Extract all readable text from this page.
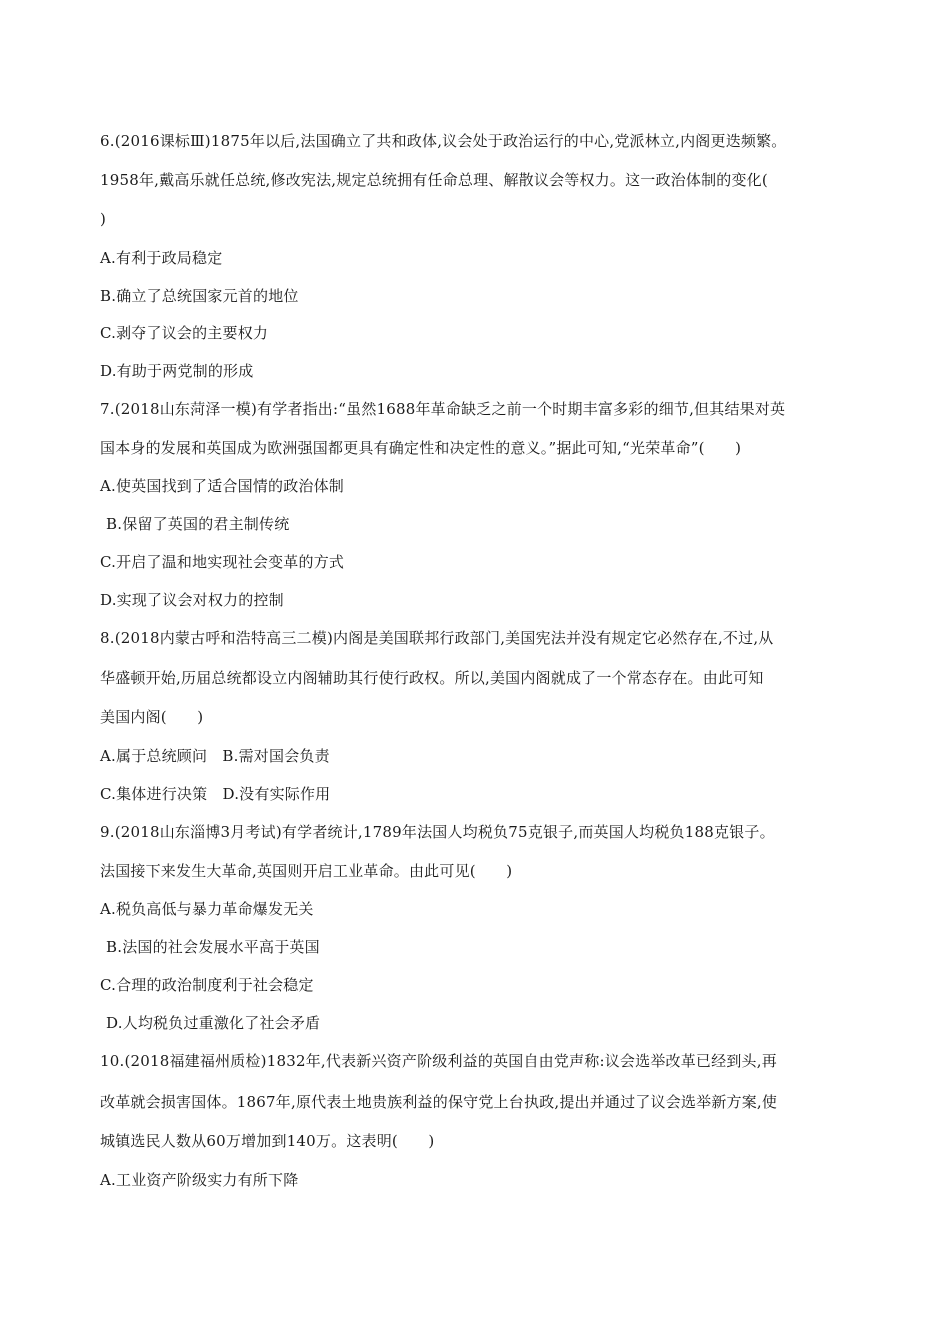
6.(2016课标Ⅲ)1875年以后,法国确立了共和政体,议会处于政治运行的中心,党派林立,内阁更迭频繁。
1958年,戴高乐就任总统,修改宪法,规定总统拥有任命总理、解散议会等权力。这一政治体制的变化(
)
A.有利于政局稳定
B.确立了总统国家元首的地位
C.剥夺了议会的主要权力
D.有助于两党制的形成
7.(2018山东菏泽一模)有学者指出:“虽然1688年革命缺乏之前一个时期丰富多彩的细节,但其结果对英
国本身的发展和英国成为欧洲强国都更具有确定性和决定性的意义。”据此可知,“光荣革命”(　　)
A.使英国找到了适合国情的政治体制
B.保留了英国的君主制传统
C.开启了温和地实现社会变革的方式
D.实现了议会对权力的控制
8.(2018内蒙古呼和浩特高三二模)内阁是美国联邦行政部门,美国宪法并没有规定它必然存在,不过,从
华盛顿开始,历届总统都设立内阁辅助其行使行政权。所以,美国内阁就成了一个常态存在。由此可知
美国内阁(　　)
A.属于总统顾问　B.需对国会负责
C.集体进行决策　D.没有实际作用
9.(2018山东淄博3月考试)有学者统计,1789年法国人均税负75克银子,而英国人均税负188克银子。
法国接下来发生大革命,英国则开启工业革命。由此可见(　　)
A.税负高低与暴力革命爆发无关
B.法国的社会发展水平高于英国
C.合理的政治制度利于社会稳定
D.人均税负过重激化了社会矛盾
10.(2018福建福州质检)1832年,代表新兴资产阶级利益的英国自由党声称:议会选举改革已经到头,再
改革就会损害国体。1867年,原代表土地贵族利益的保守党上台执政,提出并通过了议会选举新方案,使
城镇选民人数从60万增加到140万。这表明(　　)
A.工业资产阶级实力有所下降
